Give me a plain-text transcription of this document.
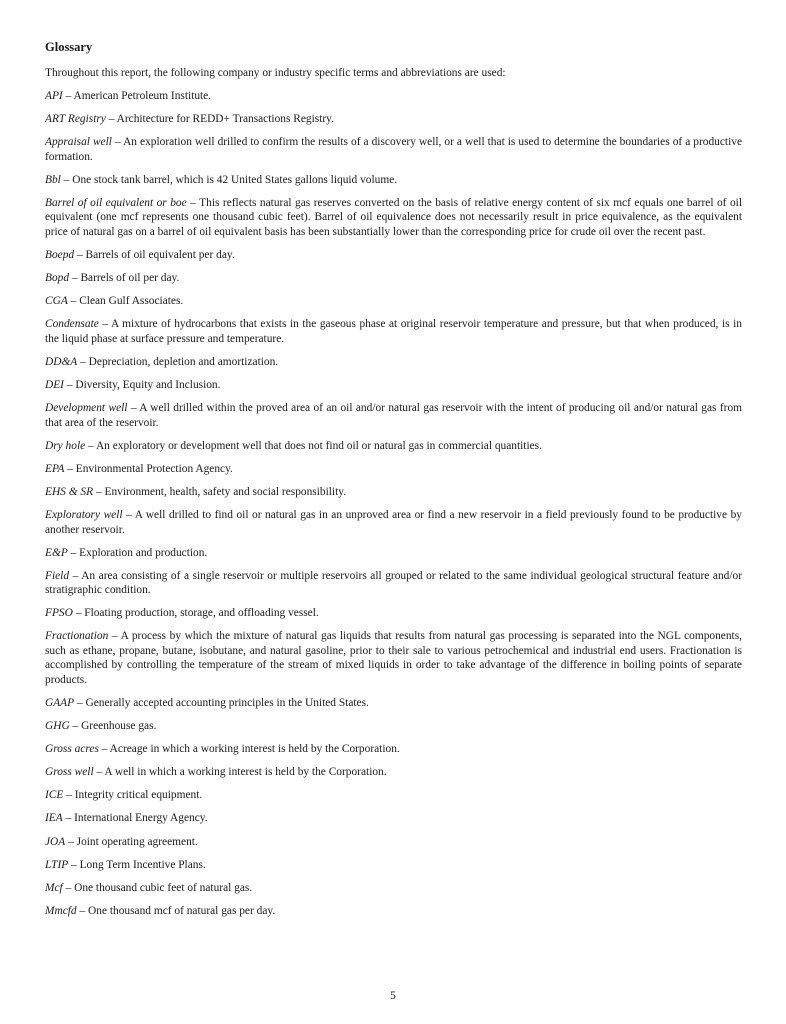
Glossary
Throughout this report, the following company or industry specific terms and abbreviations are used:
API – American Petroleum Institute.
ART Registry – Architecture for REDD+ Transactions Registry.
Appraisal well – An exploration well drilled to confirm the results of a discovery well, or a well that is used to determine the boundaries of a productive formation.
Bbl – One stock tank barrel, which is 42 United States gallons liquid volume.
Barrel of oil equivalent or boe – This reflects natural gas reserves converted on the basis of relative energy content of six mcf equals one barrel of oil equivalent (one mcf represents one thousand cubic feet). Barrel of oil equivalence does not necessarily result in price equivalence, as the equivalent price of natural gas on a barrel of oil equivalent basis has been substantially lower than the corresponding price for crude oil over the recent past.
Boepd – Barrels of oil equivalent per day.
Bopd – Barrels of oil per day.
CGA – Clean Gulf Associates.
Condensate – A mixture of hydrocarbons that exists in the gaseous phase at original reservoir temperature and pressure, but that when produced, is in the liquid phase at surface pressure and temperature.
DD&A – Depreciation, depletion and amortization.
DEI – Diversity, Equity and Inclusion.
Development well – A well drilled within the proved area of an oil and/or natural gas reservoir with the intent of producing oil and/or natural gas from that area of the reservoir.
Dry hole – An exploratory or development well that does not find oil or natural gas in commercial quantities.
EPA – Environmental Protection Agency.
EHS & SR – Environment, health, safety and social responsibility.
Exploratory well – A well drilled to find oil or natural gas in an unproved area or find a new reservoir in a field previously found to be productive by another reservoir.
E&P – Exploration and production.
Field – An area consisting of a single reservoir or multiple reservoirs all grouped or related to the same individual geological structural feature and/or stratigraphic condition.
FPSO – Floating production, storage, and offloading vessel.
Fractionation – A process by which the mixture of natural gas liquids that results from natural gas processing is separated into the NGL components, such as ethane, propane, butane, isobutane, and natural gasoline, prior to their sale to various petrochemical and industrial end users. Fractionation is accomplished by controlling the temperature of the stream of mixed liquids in order to take advantage of the difference in boiling points of separate products.
GAAP – Generally accepted accounting principles in the United States.
GHG – Greenhouse gas.
Gross acres – Acreage in which a working interest is held by the Corporation.
Gross well – A well in which a working interest is held by the Corporation.
ICE – Integrity critical equipment.
IEA – International Energy Agency.
JOA – Joint operating agreement.
LTIP – Long Term Incentive Plans.
Mcf – One thousand cubic feet of natural gas.
Mmcfd – One thousand mcf of natural gas per day.
5
